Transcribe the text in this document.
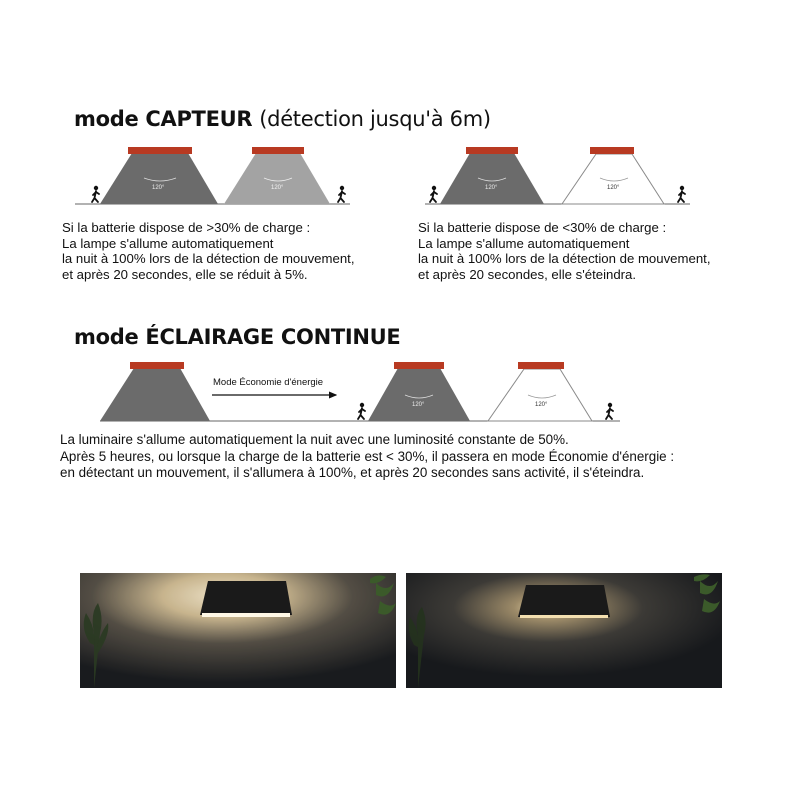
mode CAPTEUR (détection jusqu'à 6m)
120°	120°	120°	120°
Si la batterie dispose de >30% de charge :
La lampe s'allume automatiquement
la nuit à 100% lors de la détection de mouvement,
et après 20 secondes, elle se réduit à 5%.
Si la batterie dispose de <30% de charge :
La lampe s'allume automatiquement
la nuit à 100% lors de la détection de mouvement,
et après 20 secondes, elle s'éteindra.
mode ÉCLAIRAGE CONTINUE
Mode Économie d'énergie
120°	120°
La luminaire s'allume automatiquement la nuit avec une luminosité constante de 50%.
Après 5 heures, ou lorsque la charge de la batterie est < 30%, il passera en mode Économie d'énergie :
en détectant un mouvement, il s'allumera à 100%, et après 20 secondes sans activité, il s'éteindra.
